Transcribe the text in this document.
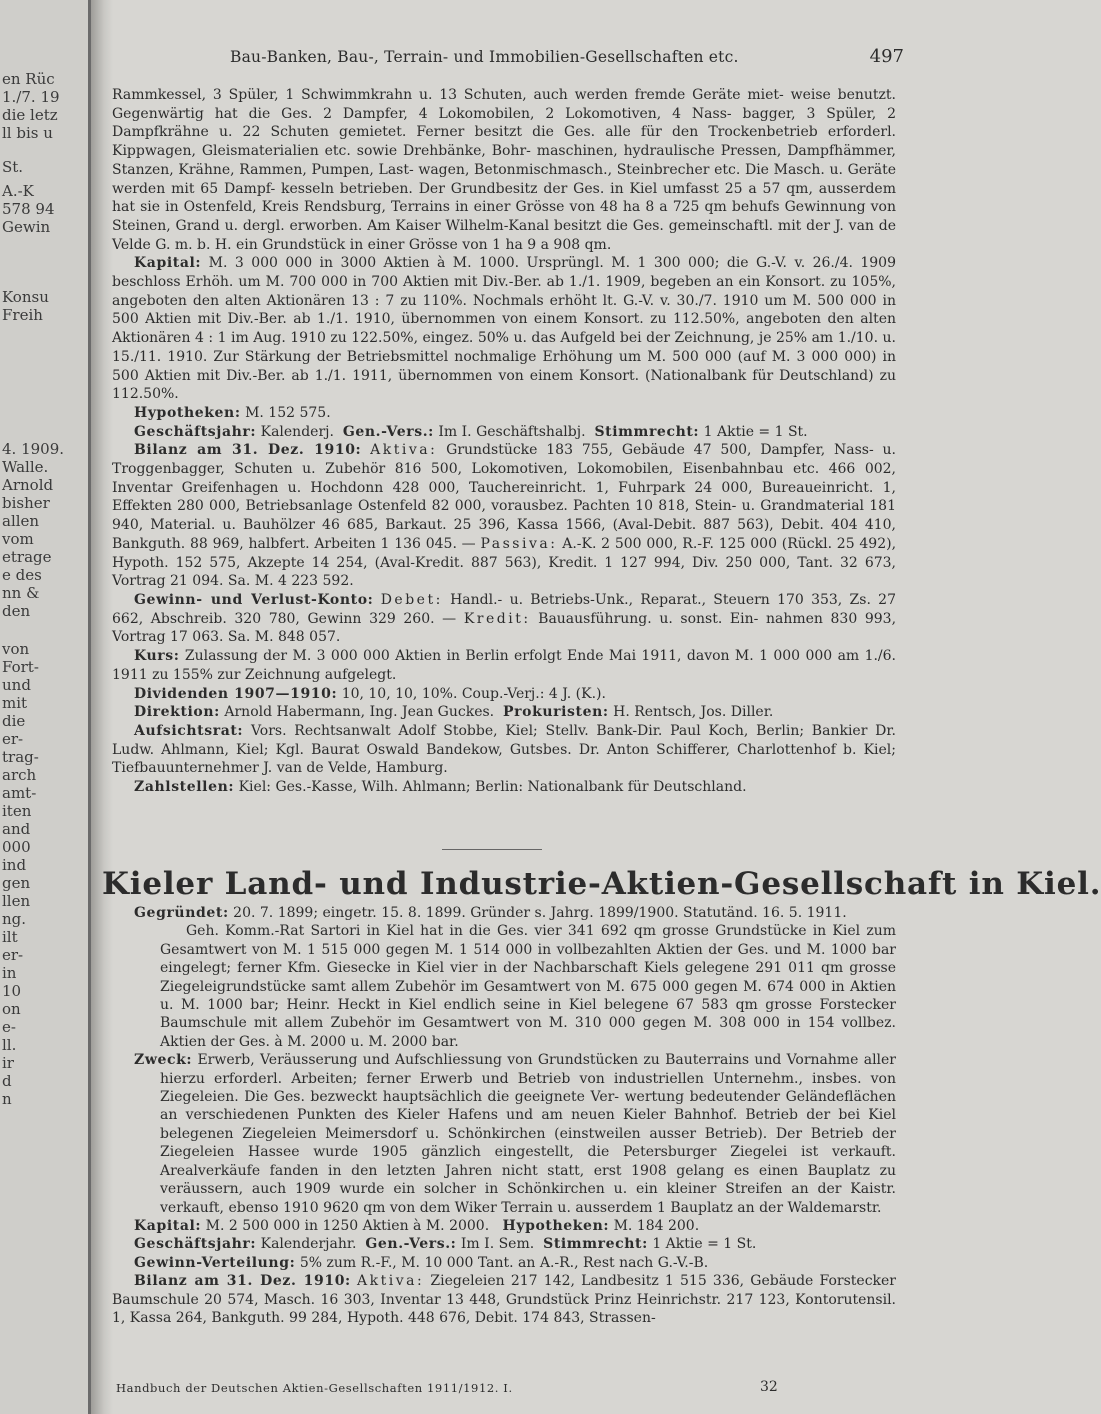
en Rüc
1./7. 19
die letz
ll bis u
St.
A.-K
578 94
Gewin
Konsu
Freih
4. 1909.
Walle.
Arnold
bisher
allen
vom
etrage
e des
nn &
den
von
Fort-
und
mit
die
er-
trag-
arch
amt-
iten
and
000
ind
gen
llen
ng.
ilt
er-
in
10
on
e-
ll.
ir
d
n
Bau-Banken, Bau-, Terrain- und Immobilien-Gesellschaften etc.	497

Rammkessel, 3 Spüler, 1 Schwimmkrahn u. 13 Schuten, auch werden fremde Geräte miet- weise benutzt. Gegenwärtig hat die Ges. 2 Dampfer, 4 Lokomobilen, 2 Lokomotiven, 4 Nass- bagger, 3 Spüler, 2 Dampfkrähne u. 22 Schuten gemietet. Ferner besitzt die Ges. alle für den Trockenbetrieb erforderl. Kippwagen, Gleismaterialien etc. sowie Drehbänke, Bohr- maschinen, hydraulische Pressen, Dampfhämmer, Stanzen, Krähne, Rammen, Pumpen, Last- wagen, Betonmischmasch., Steinbrecher etc. Die Masch. u. Geräte werden mit 65 Dampf- kesseln betrieben. Der Grundbesitz der Ges. in Kiel umfasst 25 a 57 qm, ausserdem hat sie in Ostenfeld, Kreis Rendsburg, Terrains in einer Grösse von 48 ha 8 a 725 qm behufs Gewinnung von Steinen, Grand u. dergl. erworben. Am Kaiser Wilhelm-Kanal besitzt die Ges. gemeinschaftl. mit der J. van de Velde G. m. b. H. ein Grundstück in einer Grösse von 1 ha 9 a 908 qm.

Kapital: M. 3 000 000 in 3000 Aktien à M. 1000. Ursprüngl. M. 1 300 000; die G.-V. v. 26./4. 1909 beschloss Erhöh. um M. 700 000 in 700 Aktien mit Div.-Ber. ab 1./1. 1909, begeben an ein Konsort. zu 105%, angeboten den alten Aktionären 13 : 7 zu 110%. Nochmals erhöht lt. G.-V. v. 30./7. 1910 um M. 500 000 in 500 Aktien mit Div.-Ber. ab 1./1. 1910, übernommen von einem Konsort. zu 112.50%, angeboten den alten Aktionären 4 : 1 im Aug. 1910 zu 122.50%, eingez. 50% u. das Aufgeld bei der Zeichnung, je 25% am 1./10. u. 15./11. 1910. Zur Stärkung der Betriebsmittel nochmalige Erhöhung um M. 500 000 (auf M. 3 000 000) in 500 Aktien mit Div.-Ber. ab 1./1. 1911, übernommen von einem Konsort. (Nationalbank für Deutschland) zu 112.50%.

Hypotheken: M. 152 575.

Geschäftsjahr: Kalenderj. Gen.-Vers.: Im I. Geschäftshalbj. Stimmrecht: 1 Aktie = 1 St.

Bilanz am 31. Dez. 1910: Aktiva: Grundstücke 183 755, Gebäude 47 500, Dampfer, Nass- u. Troggenbagger, Schuten u. Zubehör 816 500, Lokomotiven, Lokomobilen, Eisenbahnbau etc. 466 002, Inventar Greifenhagen u. Hochdonn 428 000, Tauchereinricht. 1, Fuhrpark 24 000, Bureaueinricht. 1, Effekten 280 000, Betriebsanlage Ostenfeld 82 000, vorausbez. Pachten 10 818, Stein- u. Grandmaterial 181 940, Material. u. Bauhölzer 46 685, Barkaut. 25 396, Kassa 1566, (Aval-Debit. 887 563), Debit. 404 410, Bankguth. 88 969, halbfert. Arbeiten 1 136 045. — Passiva: A.-K. 2 500 000, R.-F. 125 000 (Rückl. 25 492), Hypoth. 152 575, Akzepte 14 254, (Aval-Kredit. 887 563), Kredit. 1 127 994, Div. 250 000, Tant. 32 673, Vortrag 21 094. Sa. M. 4 223 592.

Gewinn- und Verlust-Konto: Debet: Handl.- u. Betriebs-Unk., Reparat., Steuern 170 353, Zs. 27 662, Abschreib. 320 780, Gewinn 329 260. — Kredit: Bauausführung. u. sonst. Ein- nahmen 830 993, Vortrag 17 063. Sa. M. 848 057.

Kurs: Zulassung der M. 3 000 000 Aktien in Berlin erfolgt Ende Mai 1911, davon M. 1 000 000 am 1./6. 1911 zu 155% zur Zeichnung aufgelegt.

Dividenden 1907—1910: 10, 10, 10, 10%. Coup.-Verj.: 4 J. (K.).

Direktion: Arnold Habermann, Ing. Jean Guckes. Prokuristen: H. Rentsch, Jos. Diller.

Aufsichtsrat: Vors. Rechtsanwalt Adolf Stobbe, Kiel; Stellv. Bank-Dir. Paul Koch, Berlin; Bankier Dr. Ludw. Ahlmann, Kiel; Kgl. Baurat Oswald Bandekow, Gutsbes. Dr. Anton Schifferer, Charlottenhof b. Kiel; Tiefbauunternehmer J. van de Velde, Hamburg.

Zahlstellen: Kiel: Ges.-Kasse, Wilh. Ahlmann; Berlin: Nationalbank für Deutschland.

Kieler Land- und Industrie-Aktien-Gesellschaft in Kiel.

Gegründet: 20. 7. 1899; eingetr. 15. 8. 1899. Gründer s. Jahrg. 1899/1900. Statutänd. 16. 5. 1911.

Geh. Komm.-Rat Sartori in Kiel hat in die Ges. vier 341 692 qm grosse Grundstücke in Kiel zum Gesamtwert von M. 1 515 000 gegen M. 1 514 000 in vollbezahlten Aktien der Ges. und M. 1000 bar eingelegt; ferner Kfm. Giesecke in Kiel vier in der Nachbarschaft Kiels gelegene 291 011 qm grosse Ziegeleigrundstücke samt allem Zubehör im Gesamtwert von M. 675 000 gegen M. 674 000 in Aktien u. M. 1000 bar; Heinr. Heckt in Kiel endlich seine in Kiel belegene 67 583 qm grosse Forstecker Baumschule mit allem Zubehör im Gesamtwert von M. 310 000 gegen M. 308 000 in 154 vollbez. Aktien der Ges. à M. 2000 u. M. 2000 bar.

Zweck: Erwerb, Veräusserung und Aufschliessung von Grundstücken zu Bauterrains und Vornahme aller hierzu erforderl. Arbeiten; ferner Erwerb und Betrieb von industriellen Unternehm., insbes. von Ziegeleien. Die Ges. bezweckt hauptsächlich die geeignete Ver- wertung bedeutender Geländeflächen an verschiedenen Punkten des Kieler Hafens und am neuen Kieler Bahnhof. Betrieb der bei Kiel belegenen Ziegeleien Meimersdorf u. Schönkirchen (einstweilen ausser Betrieb). Der Betrieb der Ziegeleien Hassee wurde 1905 gänzlich eingestellt, die Petersburger Ziegelei ist verkauft. Arealverkäufe fanden in den letzten Jahren nicht statt, erst 1908 gelang es einen Bauplatz zu veräussern, auch 1909 wurde ein solcher in Schönkirchen u. ein kleiner Streifen an der Kaistr. verkauft, ebenso 1910 9620 qm von dem Wiker Terrain u. ausserdem 1 Bauplatz an der Waldemarstr.

Kapital: M. 2 500 000 in 1250 Aktien à M. 2000. Hypotheken: M. 184 200.

Geschäftsjahr: Kalenderjahr. Gen.-Vers.: Im I. Sem. Stimmrecht: 1 Aktie = 1 St.

Gewinn-Verteilung: 5% zum R.-F., M. 10 000 Tant. an A.-R., Rest nach G.-V.-B.

Bilanz am 31. Dez. 1910: Aktiva: Ziegeleien 217 142, Landbesitz 1 515 336, Gebäude Forstecker Baumschule 20 574, Masch. 16 303, Inventar 13 448, Grundstück Prinz Heinrichstr. 217 123, Kontorutensil. 1, Kassa 264, Bankguth. 99 284, Hypoth. 448 676, Debit. 174 843, Strassen-

Handbuch der Deutschen Aktien-Gesellschaften 1911/1912. I.	32
